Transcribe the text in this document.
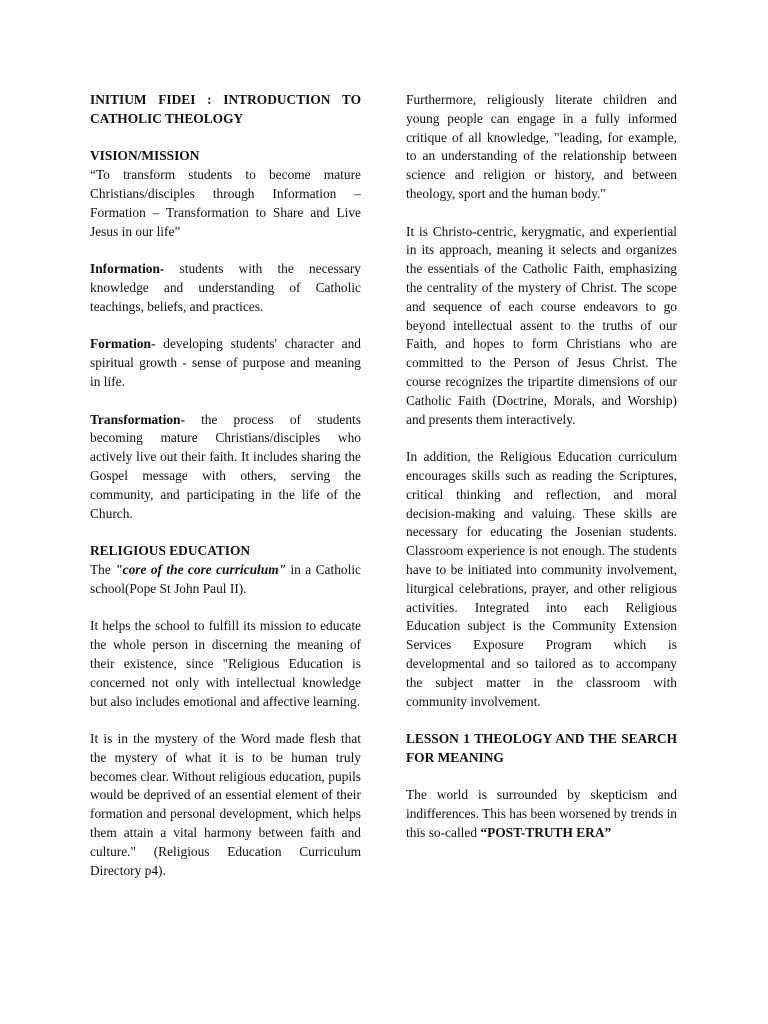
INITIUM FIDEI : INTRODUCTION TO CATHOLIC THEOLOGY

VISION/MISSION

“To transform students to become mature Christians/disciples through Information – Formation – Transformation to Share and Live Jesus in our life”

Information- students with the necessary knowledge and understanding of Catholic teachings, beliefs, and practices.

Formation- developing students' character and spiritual growth - sense of purpose and meaning in life.

Transformation- the process of students becoming mature Christians/disciples who actively live out their faith. It includes sharing the Gospel message with others, serving the community, and participating in the life of the Church.

RELIGIOUS EDUCATION

The "core of the core curriculum" in a Catholic school(Pope St John Paul II).

It helps the school to fulfill its mission to educate the whole person in discerning the meaning of their existence, since "Religious Education is concerned not only with intellectual knowledge but also includes emotional and affective learning.

It is in the mystery of the Word made flesh that the mystery of what it is to be human truly becomes clear. Without religious education, pupils would be deprived of an essential element of their formation and personal development, which helps them attain a vital harmony between faith and culture." (Religious Education Curriculum Directory p4).

Furthermore, religiously literate children and young people can engage in a fully informed critique of all knowledge, "leading, for example, to an understanding of the relationship between science and religion or history, and between theology, sport and the human body."

It is Christo-centric, kerygmatic, and experiential in its approach, meaning it selects and organizes the essentials of the Catholic Faith, emphasizing the centrality of the mystery of Christ. The scope and sequence of each course endeavors to go beyond intellectual assent to the truths of our Faith, and hopes to form Christians who are committed to the Person of Jesus Christ. The course recognizes the tripartite dimensions of our Catholic Faith (Doctrine, Morals, and Worship) and presents them interactively.

In addition, the Religious Education curriculum encourages skills such as reading the Scriptures, critical thinking and reflection, and moral decision-making and valuing. These skills are necessary for educating the Josenian students. Classroom experience is not enough. The students have to be initiated into community involvement, liturgical celebrations, prayer, and other religious activities. Integrated into each Religious Education subject is the Community Extension Services Exposure Program which is developmental and so tailored as to accompany the subject matter in the classroom with community involvement.

LESSON 1 THEOLOGY AND THE SEARCH FOR MEANING

The world is surrounded by skepticism and indifferences. This has been worsened by trends in this so-called “POST-TRUTH ERA”
